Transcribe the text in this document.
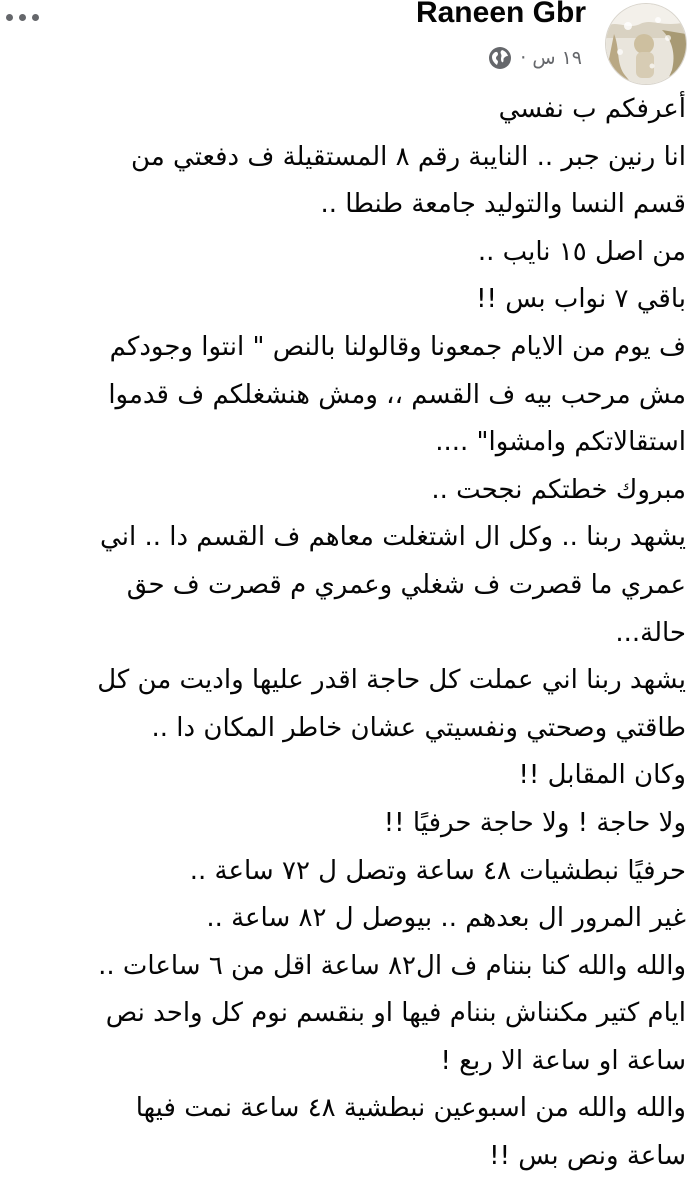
Raneen Gbr
١٩ س ·
أعرفكم ب نفسي
انا رنين جبر .. النايبة رقم ٨ المستقيلة ف دفعتي من
قسم النسا والتوليد جامعة طنطا ..
من اصل ١٥ نايب ..
باقي ٧ نواب بس !!
ف يوم من الايام جمعونا وقالولنا بالنص " انتوا وجودكم
مش مرحب بيه ف القسم ،، ومش هنشغلكم ف قدموا
استقالاتكم وامشوا" ....
مبروك خطتكم نجحت ..
يشهد ربنا .. وكل ال اشتغلت معاهم ف القسم دا .. اني
عمري ما قصرت ف شغلي وعمري م قصرت ف حق
حالة...
يشهد ربنا اني عملت كل حاجة اقدر عليها واديت من كل
طاقتي وصحتي ونفسيتي عشان خاطر المكان دا ..
وكان المقابل !!
ولا حاجة ! ولا حاجة حرفيًا !!
حرفيًا نبطشيات ٤٨ ساعة وتصل ل ٧٢ ساعة ..
غير المرور ال بعدهم .. بيوصل ل ٨٢ ساعة ..
والله والله كنا بننام ف ال٨٢ ساعة اقل من ٦ ساعات ..
ايام كتير مكنناش بننام فيها او بنقسم نوم كل واحد نص
ساعة او ساعة الا ربع !
والله والله من اسبوعين نبطشية ٤٨ ساعة نمت فيها
ساعة ونص بس !!
